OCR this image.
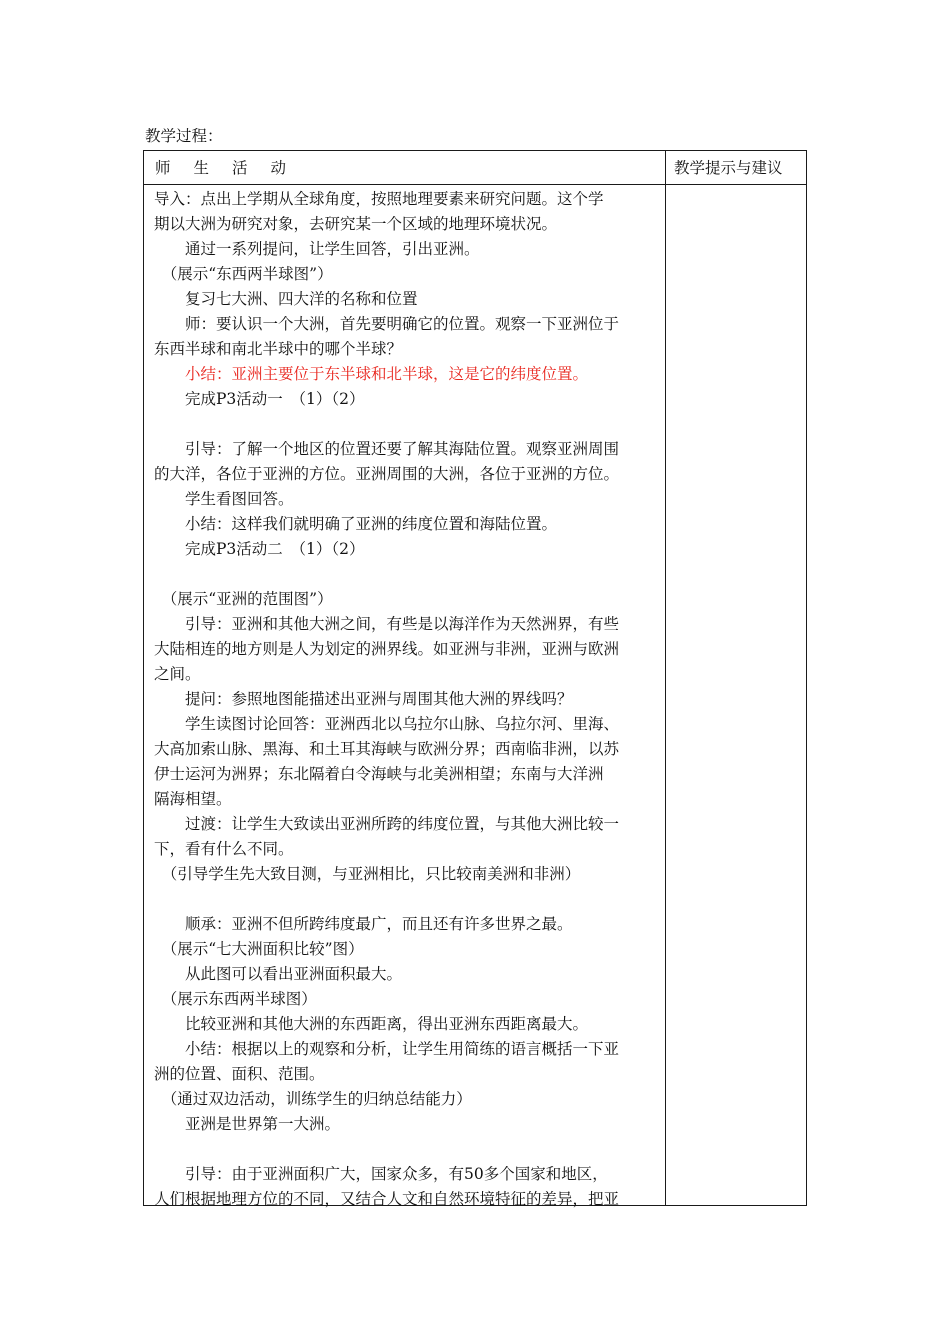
教学过程：
师生活动	教学提示与建议
导入：点出上学期从全球角度，按照地理要素来研究问题。这个学
期以大洲为研究对象，去研究某一个区域的地理环境状况。
　　通过一系列提问，让学生回答，引出亚洲。
　（展示“东西两半球图”）
　　复习七大洲、四大洋的名称和位置
　　师：要认识一个大洲，首先要明确它的位置。观察一下亚洲位于
东西半球和南北半球中的哪个半球？
　　小结：亚洲主要位于东半球和北半球，这是它的纬度位置。
　　完成P3活动一　（1）（2）
　　引导：了解一个地区的位置还要了解其海陆位置。观察亚洲周围
的大洋，各位于亚洲的方位。亚洲周围的大洲，各位于亚洲的方位。
　　学生看图回答。
　　小结：这样我们就明确了亚洲的纬度位置和海陆位置。
　　完成P3活动二　（1）（2）
　（展示“亚洲的范围图”）
　　引导：亚洲和其他大洲之间，有些是以海洋作为天然洲界，有些
大陆相连的地方则是人为划定的洲界线。如亚洲与非洲，亚洲与欧洲
之间。
　　提问：参照地图能描述出亚洲与周围其他大洲的界线吗？
　　学生读图讨论回答：亚洲西北以乌拉尔山脉、乌拉尔河、里海、
大高加索山脉、黑海、和土耳其海峡与欧洲分界；西南临非洲，以苏
伊士运河为洲界；东北隔着白令海峡与北美洲相望；东南与大洋洲
隔海相望。
　　过渡：让学生大致读出亚洲所跨的纬度位置，与其他大洲比较一
下，看有什么不同。
　（引导学生先大致目测，与亚洲相比，只比较南美洲和非洲）
　　顺承：亚洲不但所跨纬度最广，而且还有许多世界之最。
　（展示“七大洲面积比较”图）
　　从此图可以看出亚洲面积最大。
　（展示东西两半球图）
　　比较亚洲和其他大洲的东西距离，得出亚洲东西距离最大。
　　小结：根据以上的观察和分析，让学生用简练的语言概括一下亚
洲的位置、面积、范围。
　（通过双边活动，训练学生的归纳总结能力）
　　亚洲是世界第一大洲。
　　引导：由于亚洲面积广大，国家众多，有50多个国家和地区，
人们根据地理方位的不同，又结合人文和自然环境特征的差异，把亚
